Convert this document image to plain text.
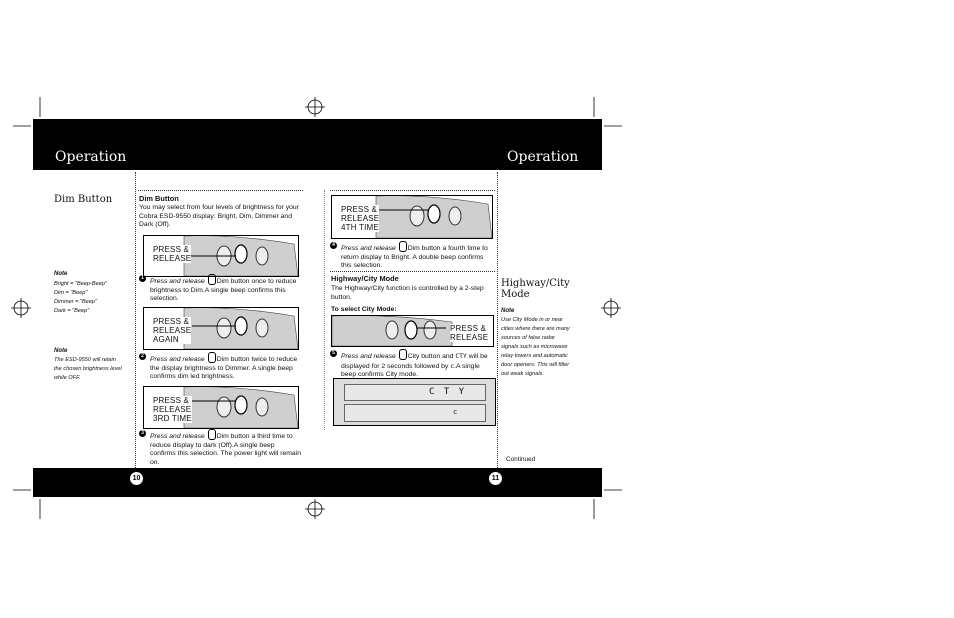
Operation	Operation
10	11
Dim Button
Note
Bright = "Beep-Beep"
Dim = "Beep"
Dimmer = "Beep"
Dark = "Beep"
Note
The ESD-9550 will retain
the chosen brightness level
while OFF.
Dim Button
You may select from four levels of brightness for your Cobra ESD-9550 display: Bright, Dim, Dimmer and Dark (Off).
PRESS &
RELEASE
1 Press and release Dim button once to reduce brightness to Dim.A single beep confirms this selection.
PRESS &
RELEASE
AGAIN
2 Press and release Dim button twice to reduce the display brightness to Dimmer. A single beep confirms dim led brightness.
PRESS &
RELEASE
3RD TIME
3 Press and release Dim button a third time to reduce display to dark (Off).A single beep confirms this selection. The power light will remain on.
PRESS &
RELEASE
4TH TIME
4 Press and release Dim button a fourth time to return display to Bright. A double beep confirms this selection.
Highway/City Mode
The Highway/City function is controlled by a 2-step button.
To select City Mode:
PRESS &
RELEASE
5 Press and release City button and CTY will be displayed for 2 seconds followed by c.A single beep confirms City mode.
C T Y
c
Highway/City Mode
Note
Use City Mode in or near
cities where there are many
sources of false radar
signals such as microwave
relay towers and automatic
door openers. This will filter
out weak signals.
Continued
